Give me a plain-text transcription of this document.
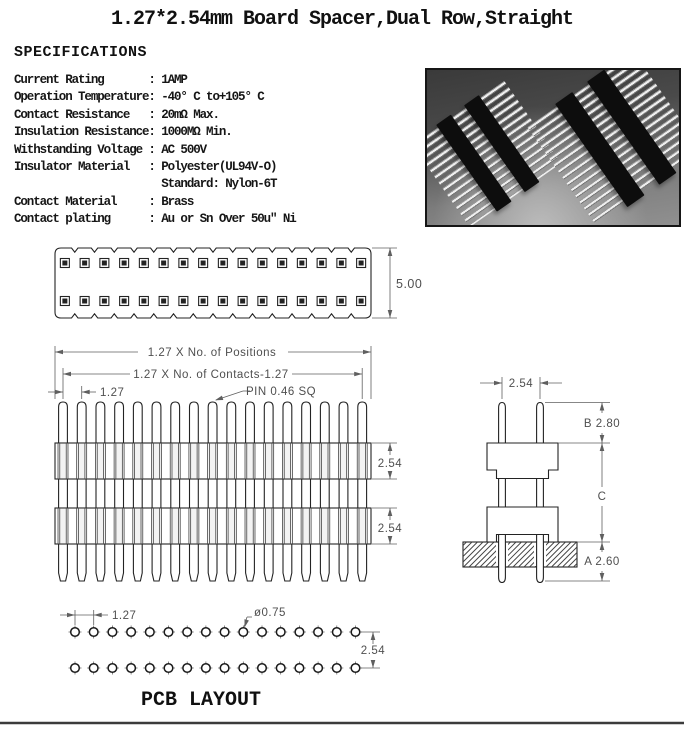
1.27*2.54mm Board Spacer,Dual Row,Straight
SPECIFICATIONS
Current Rating       : 1AMP
Operation Temperature: -40° C to+105° C
Contact Resistance   : 20mΩ Max.
Insulation Resistance: 1000MΩ Min.
Withstanding Voltage : AC 500V
Insulator Material   : Polyester(UL94V-O)
Standard: Nylon-6T
Contact Material     : Brass
Contact plating      : Au or Sn Over 50u" Ni
5.00
1.27 X No. of Positions
1.27 X No. of Contacts-1.27
1.27	PIN 0.46 SQ
2.54
2.54
2.54
B 2.80
C
A 2.60
1.27	ø0.75
2.54
PCB LAYOUT
